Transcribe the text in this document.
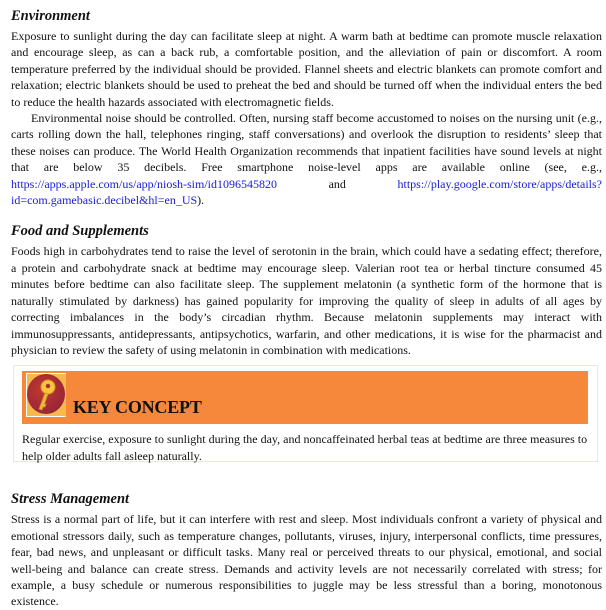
Environment

Exposure to sunlight during the day can facilitate sleep at night. A warm bath at bedtime can promote muscle relaxation and encourage sleep, as can a back rub, a comfortable position, and the alleviation of pain or discomfort. A room temperature preferred by the individual should be provided. Flannel sheets and electric blankets can promote comfort and relaxation; electric blankets should be used to preheat the bed and should be turned off when the individual enters the bed to reduce the health hazards associated with electromagnetic fields.

Environmental noise should be controlled. Often, nursing staff become accustomed to noises on the nursing unit (e.g., carts rolling down the hall, telephones ringing, staff conversations) and overlook the disruption to residents’ sleep that these noises can produce. The World Health Organization recommends that inpatient facilities have sound levels at night that are below 35 decibels. Free smartphone noise-level apps are available online (see, e.g., https://apps.apple.com/us/app/niosh-sim/id1096545820	and	https://play.google.com/store/apps/details?id=com.gamebasic.decibel&hl=en_US).

Food and Supplements

Foods high in carbohydrates tend to raise the level of serotonin in the brain, which could have a sedating effect; therefore, a protein and carbohydrate snack at bedtime may encourage sleep. Valerian root tea or herbal tincture consumed 45 minutes before bedtime can also facilitate sleep. The supplement melatonin (a synthetic form of the hormone that is naturally stimulated by darkness) has gained popularity for improving the quality of sleep in adults of all ages by correcting imbalances in the body’s circadian rhythm. Because melatonin supplements may interact with immunosuppressants, antidepressants, antipsychotics, warfarin, and other medications, it is wise for the pharmacist and physician to review the safety of using melatonin in combination with medications.

KEY CONCEPT

Regular exercise, exposure to sunlight during the day, and noncaffeinated herbal teas at bedtime are three measures to help older adults fall asleep naturally.

Stress Management

Stress is a normal part of life, but it can interfere with rest and sleep. Most individuals confront a variety of physical and emotional stressors daily, such as temperature changes, pollutants, viruses, injury, interpersonal conflicts, time pressures, fear, bad news, and unpleasant or difficult tasks. Many real or perceived threats to our physical, emotional, and social well-being and balance can create stress. Demands and activity levels are not necessarily correlated with stress; for example, a busy schedule or numerous responsibilities to juggle may be less stressful than a boring, monotonous existence.
